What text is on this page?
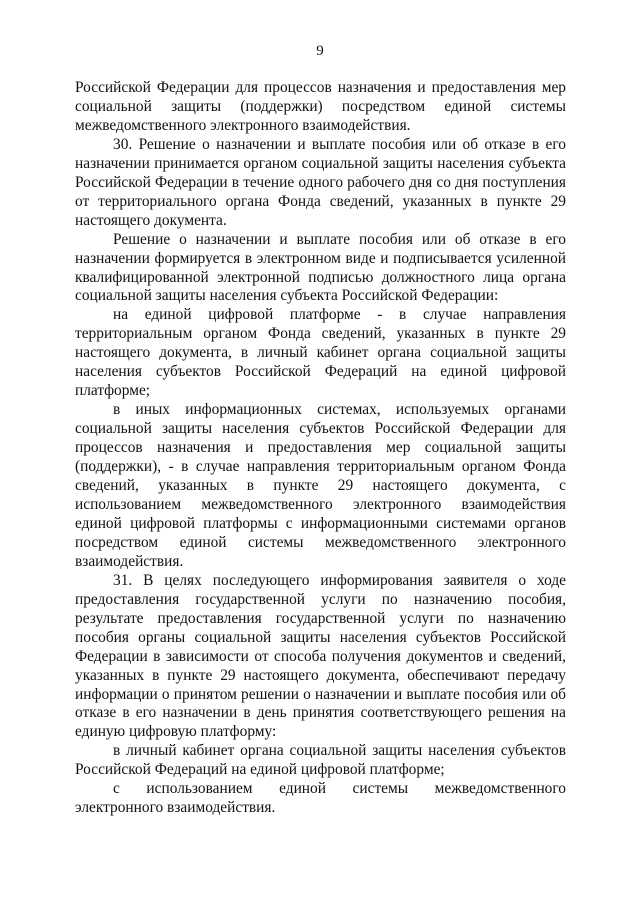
9

Российской Федерации для процессов назначения и предоставления мер социальной защиты (поддержки) посредством единой системы межведомственного электронного взаимодействия.

30. Решение о назначении и выплате пособия или об отказе в его назначении принимается органом социальной защиты населения субъекта Российской Федерации в течение одного рабочего дня со дня поступления от территориального органа Фонда сведений, указанных в пункте 29 настоящего документа.

Решение о назначении и выплате пособия или об отказе в его назначении формируется в электронном виде и подписывается усиленной квалифицированной электронной подписью должностного лица органа социальной защиты населения субъекта Российской Федерации:

на единой цифровой платформе - в случае направления территориальным органом Фонда сведений, указанных в пункте 29 настоящего документа, в личный кабинет органа социальной защиты населения субъектов Российской Федераций на единой цифровой платформе;

в иных информационных системах, используемых органами социальной защиты населения субъектов Российской Федерации для процессов назначения и предоставления мер социальной защиты (поддержки), - в случае направления территориальным органом Фонда сведений, указанных в пункте 29 настоящего документа, с использованием межведомственного электронного взаимодействия единой цифровой платформы с информационными системами органов посредством единой системы межведомственного электронного взаимодействия.

31. В целях последующего информирования заявителя о ходе предоставления государственной услуги по назначению пособия, результате предоставления государственной услуги по назначению пособия органы социальной защиты населения субъектов Российской Федерации в зависимости от способа получения документов и сведений, указанных в пункте 29 настоящего документа, обеспечивают передачу информации о принятом решении о назначении и выплате пособия или об отказе в его назначении в день принятия соответствующего решения на единую цифровую платформу:

в личный кабинет органа социальной защиты населения субъектов Российской Федераций на единой цифровой платформе;

с использованием единой системы межведомственного электронного взаимодействия.
